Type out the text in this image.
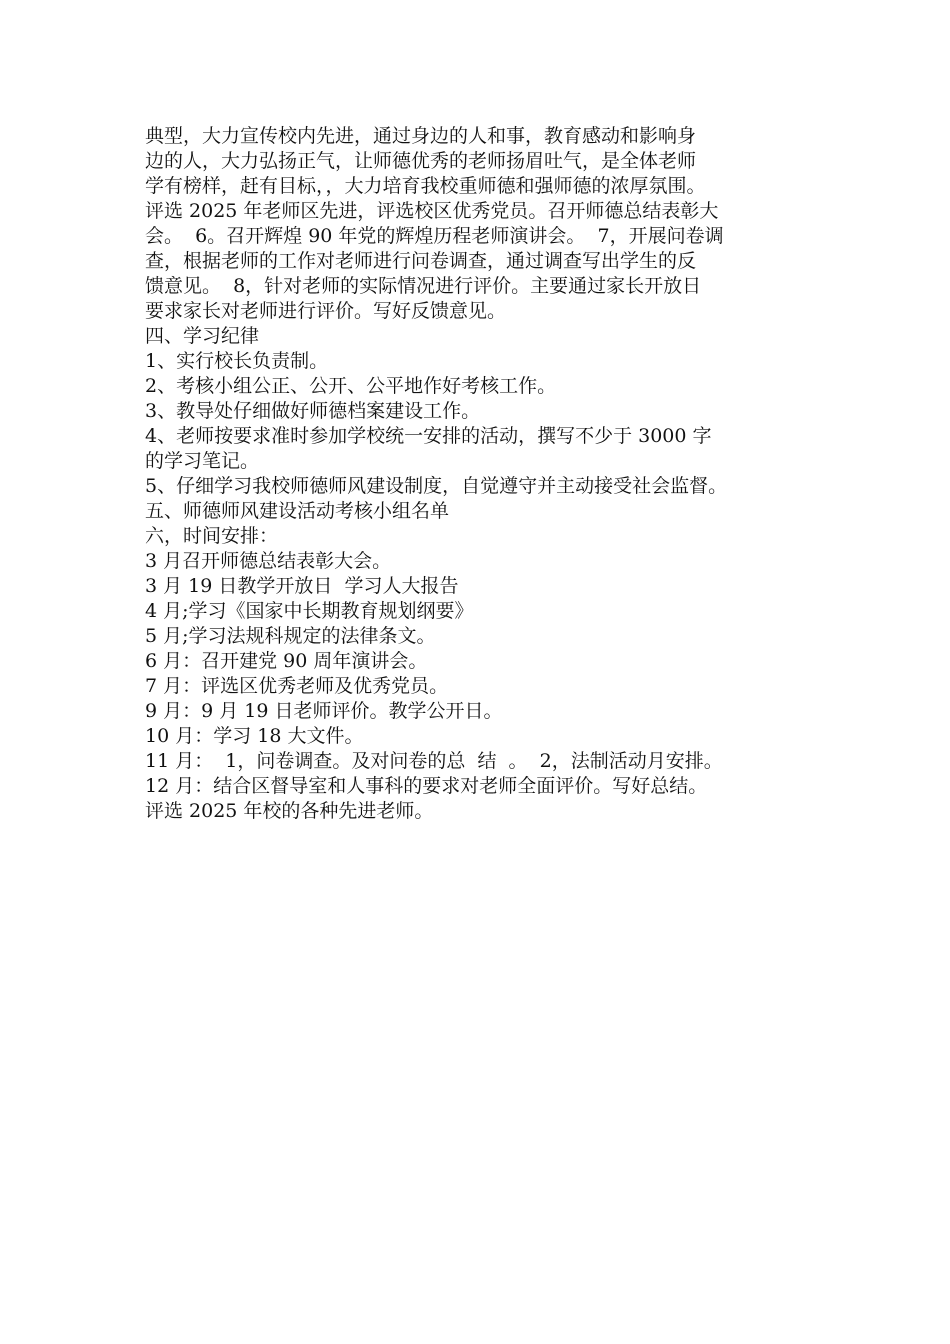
典型，大力宣传校内先进，通过身边的人和事，教育感动和影响身
边的人，大力弘扬正气，让师德优秀的老师扬眉吐气，是全体老师
学有榜样，赶有目标，，大力培育我校重师德和强师德的浓厚氛围。
评选 2025 年老师区先进，评选校区优秀党员。召开师德总结表彰大
会。  6。召开辉煌 90 年党的辉煌历程老师演讲会。  7，开展问卷调
查，根据老师的工作对老师进行问卷调查，通过调查写出学生的反
馈意见。  8，针对老师的实际情况进行评价。主要通过家长开放日
要求家长对老师进行评价。写好反馈意见。
四、学习纪律
1、实行校长负责制。
2、考核小组公正、公开、公平地作好考核工作。
3、教导处仔细做好师德档案建设工作。
4、老师按要求准时参加学校统一安排的活动，撰写不少于 3000 字
的学习笔记。
5、仔细学习我校师德师风建设制度，自觉遵守并主动接受社会监督。
五、师德师风建设活动考核小组名单
六，时间安排：
3 月召开师德总结表彰大会。
3 月 19 日教学开放日  学习人大报告
4 月;学习《国家中长期教育规划纲要》
5 月;学习法规科规定的法律条文。
6 月：召开建党 90 周年演讲会。
7 月：评选区优秀老师及优秀党员。
9 月：9 月 19 日老师评价。教学公开日。
10 月：学习 18 大文件。
11 月：  1，问卷调查。及对问卷的总  结  。  2，法制活动月安排。
12 月：结合区督导室和人事科的要求对老师全面评价。写好总结。
评选 2025 年校的各种先进老师。
